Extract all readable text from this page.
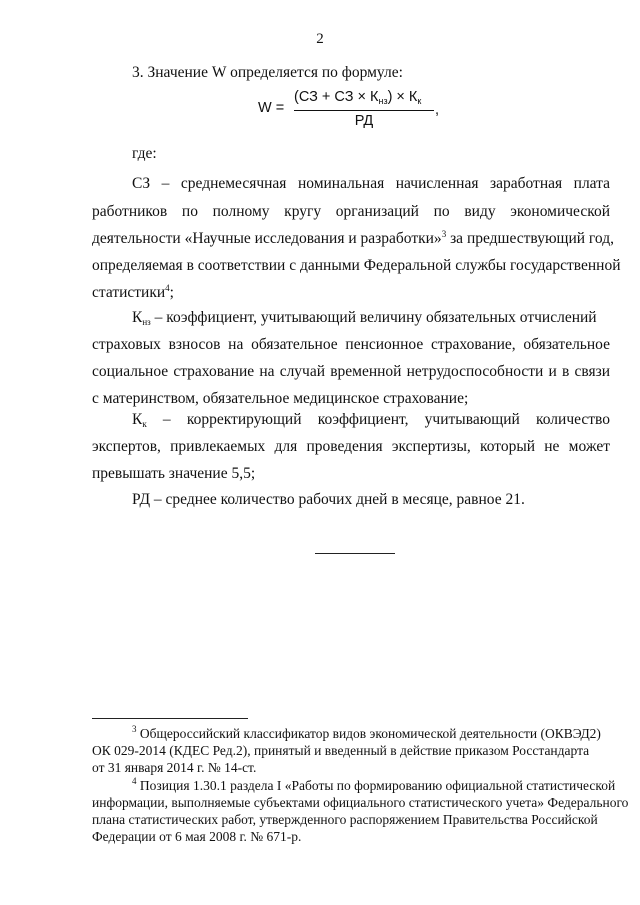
2
3. Значение W определяется по формуле:
W =
(СЗ + СЗ × $К_{нз}) \times К_к$
РД
,
где:
СЗ – среднемесячная номинальная начисленная заработная плата
работников по полному кругу организаций по виду экономической
деятельности «Научные исследования и разработки»$^3$ за предшествующий год,
определяемая в соответствии с данными Федеральной службы государственной
статистики$^4$;
$К_{нз}$ – коэффициент, учитывающий величину обязательных отчислений
страховых взносов на обязательное пенсионное страхование, обязательное
социальное страхование на случай временной нетрудоспособности и в связи
с материнством, обязательное медицинское страхование;
$К_к$ – корректирующий коэффициент, учитывающий количество
экспертов, привлекаемых для проведения экспертизы, который не может
превышать значение 5,5;
РД – среднее количество рабочих дней в месяце, равное 21.
$^3$ Общероссийский классификатор видов экономической деятельности (ОКВЭД2)
ОК 029-2014 (КДЕС Ред.2), принятый и введенный в действие приказом Росстандарта
от 31 января 2014 г. № 14-ст.
$^4$ Позиция 1.30.1 раздела I «Работы по формированию официальной статистической
информации, выполняемые субъектами официального статистического учета» Федерального
плана статистических работ, утвержденного распоряжением Правительства Российской
Федерации от 6 мая 2008 г. № 671-р.
